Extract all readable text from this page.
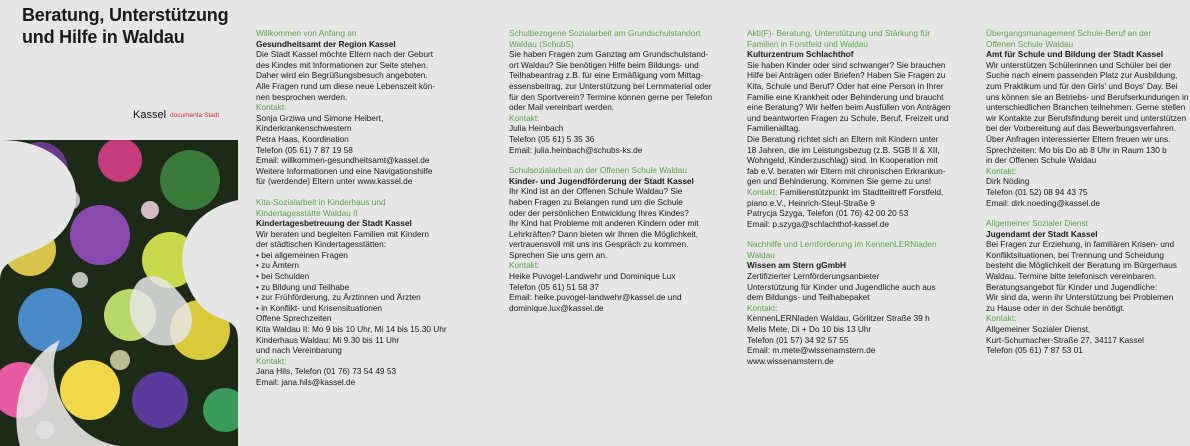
Beratung, Unterstützung
und Hilfe in Waldau
Kassel documenta Stadt

Willkommen von Anfang an

Gesundheitsamt der Region Kassel

Die Stadt Kassel möchte Eltern nach der Geburt

des Kindes mit Informationen zur Seite stehen.

Daher wird ein Begrüßungsbesuch angeboten.

Alle Fragen rund um diese neue Lebenszeit kön-

nen besprochen werden.

Kontakt:

Sonja Grziwa und Simone Heibert,

Kinderkrankenschwestern

Petra Haas, Koordination

Telefon (05 61) 7 87 19 58

Email: willkommen-gesundheitsamt@kassel.de

Weitere Informationen und eine Navigationshilfe

für (werdende) Eltern unter www.kassel.de

Kita-Sozialarbeit in Kinderhaus und

Kindertagesstätte Waldau II

Kindertagesbetreuung der Stadt Kassel

Wir beraten und begleiten Familien mit Kindern

der städtischen Kindertagesstätten:

• bei allgemeinen Fragen

• zu Ämtern

• bei Schulden

• zu Bildung und Teilhabe

• zur Frühförderung, zu Ärztinnen und Ärzten

• in Konflikt- und Krisensituationen

Offene Sprechzeiten

Kita Waldau II: Mo 9 bis 10 Uhr, Mi 14 bis 15.30 Uhr

Kinderhaus Waldau: Mi 9.30 bis 11 Uhr

und nach Vereinbarung

Kontakt:

Jana Hils, Telefon (01 76) 73 54 49 53

Email: jana.hils@kassel.de

Schulbezogene Sozialarbeit am Grundschulstandort

Waldau (SchubS)

Sie haben Fragen zum Ganztag am Grundschulstand-

ort Waldau? Sie benötigen Hilfe beim Bildungs- und

Teilhabeantrag z.B. für eine Ermäßigung vom Mittag-

essensbeitrag, zur Unterstützung bei Lernmaterial oder

für den Sportverein? Termine können gerne per Telefon

oder Mail vereinbart werden.

Kontakt:

Julia Heinbach

Telefon (05 61) 5 35 36

Email: julia.heinbach@schubs-ks.de

Schulsozialarbeit an der Offenen Schule Waldau

Kinder- und Jugendförderung der Stadt Kassel

Ihr Kind ist an der Offenen Schule Waldau? Sie

haben Fragen zu Belangen rund um die Schule

oder der persönlichen Entwicklung Ihres Kindes?

Ihr Kind hat Probleme mit anderen Kindern oder mit

Lehrkräften? Dann bieten wir Ihnen die Möglichkeit,

vertrauensvoll mit uns ins Gespräch zu kommen.

Sprechen Sie uns gern an.

Kontakt:

Heike Puvogel-Landwehr und Dominique Lux

Telefon (05 61) 51 58 37

Email: heike.puvogel-landwehr@kassel.de und

dominique.lux@kassel.de

Akti(F)- Beratung, Unterstützung und Stärkung für

Familien in Forstfeld und Waldau

Kulturzentrum Schlachthof

Sie haben Kinder oder sind schwanger? Sie brauchen

Hilfe bei Anträgen oder Briefen? Haben Sie Fragen zu

Kita, Schule und Beruf? Oder hat eine Person in Ihrer

Familie eine Krankheit oder Behinderung und braucht

eine Beratung? Wir helfen beim Ausfüllen von Anträgen

und beantworten Fragen zu Schule, Beruf, Freizeit und

Familienalltag.

Die Beratung richtet sich an Eltern mit Kindern unter

18 Jahren, die im Leistungsbezug (z.B. SGB II & XII,

Wohngeld, Kinderzuschlag) sind. In Kooperation mit

fab e.V. beraten wir Eltern mit chronischen Erkrankun-

gen und Behinderung. Kommen Sie gerne zu uns!

Kontakt: Familienstützpunkt im Stadtteiltreff Forstfeld,

piano e.V., Heinrich-Steul-Straße 9

Patrycja Szyga, Telefon (01 76) 42 00 20 53

Email: p.szyga@schlachthof-kassel.de

Nachhilfe und Lernförderung im KennenLERNladen

Waldau

Wissen am Stern gGmbH

Zertifizierter Lernförderungsanbieter

Unterstützung für Kinder und Jugendliche auch aus

dem Bildungs- und Teilhabepaket

Kontakt:

KennenLERNladen Waldau, Görlitzer Straße 39 h

Melis Mete, Di + Do 10 bis 13 Uhr

Telefon (01 57) 34 92 57 55

Email: m.mete@wissenamstern.de

www.wissenamstern.de

Übergangsmanagement Schule-Beruf an der

Offenen Schule Waldau

Amt für Schule und Bildung der Stadt Kassel

Wir unterstützen Schülerinnen und Schüler bei der

Suche nach einem passenden Platz zur Ausbildung,

zum Praktikum und für den Girls' und Boys' Day. Bei

uns können sie an Betriebs- und Berufserkundungen in

unterschiedlichen Branchen teilnehmen. Gerne stellen

wir Kontakte zur Berufsfindung bereit und unterstützen

bei der Vorbereitung auf das Bewerbungsverfahren.

Über Anfragen interessierter Eltern freuen wir uns.

Sprechzeiten: Mo bis Do ab 8 Uhr in Raum 130 b

in der Offenen Schule Waldau

Kontakt:

Dirk Nöding

Telefon (01 52) 08 94 43 75

Email: dirk.noeding@kassel.de

Allgemeiner Sozialer Dienst

Jugendamt der Stadt Kassel

Bei Fragen zur Erziehung, in familiären Krisen- und

Konfliktsituationen, bei Trennung und Scheidung

besteht die Möglichkeit der Beratung im Bürgerhaus

Waldau. Termine bitte telefonisch vereinbaren.

Beratungsangebot für Kinder und Jugendliche:

Wir sind da, wenn ihr Unterstützung bei Problemen

zu Hause oder in der Schule benötigt.

Kontakt:

Allgemeiner Sozialer Dienst,

Kurt-Schumacher-Straße 27, 34117 Kassel

Telefon (05 61) 7 87 53 01
